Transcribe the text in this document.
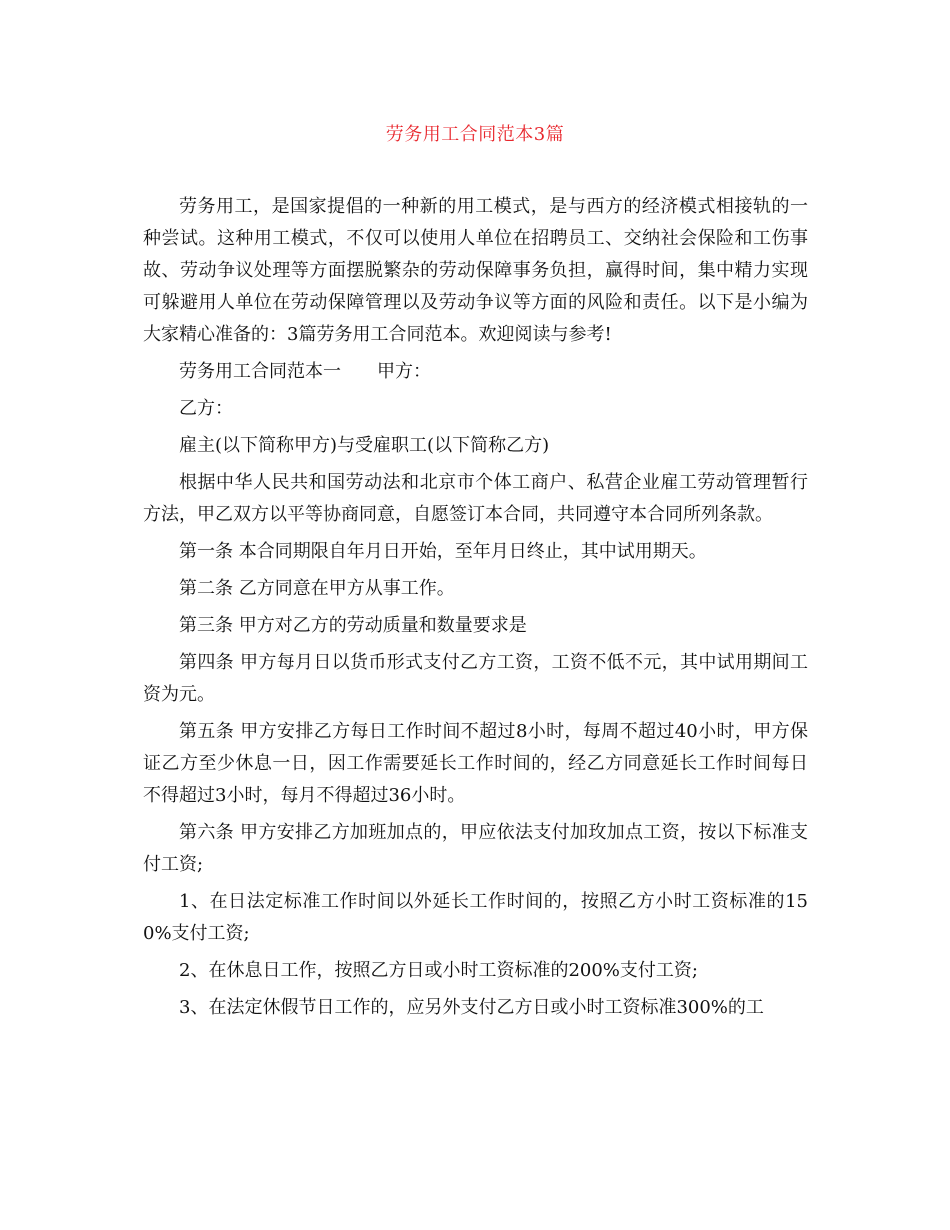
劳务用工合同范本3篇

劳务用工，是国家提倡的一种新的用工模式，是与西方的经济模式相接轨的一种尝试。这种用工模式，不仅可以使用人单位在招聘员工、交纳社会保险和工伤事故、劳动争议处理等方面摆脱繁杂的劳动保障事务负担，赢得时间，集中精力实现可躲避用人单位在劳动保障管理以及劳动争议等方面的风险和责任。以下是小编为大家精心准备的：3篇劳务用工合同范本。欢迎阅读与参考!

劳务用工合同范本一 甲方：

乙方：

雇主(以下简称甲方)与受雇职工(以下简称乙方)

根据中华人民共和国劳动法和北京市个体工商户、私营企业雇工劳动管理暂行方法，甲乙双方以平等协商同意，自愿签订本合同，共同遵守本合同所列条款。

第一条 本合同期限自年月日开始，至年月日终止，其中试用期天。

第二条 乙方同意在甲方从事工作。

第三条 甲方对乙方的劳动质量和数量要求是

第四条 甲方每月日以货币形式支付乙方工资，工资不低不元，其中试用期间工资为元。

第五条 甲方安排乙方每日工作时间不超过8小时，每周不超过40小时，甲方保证乙方至少休息一日，因工作需要延长工作时间的，经乙方同意延长工作时间每日不得超过3小时，每月不得超过36小时。

第六条 甲方安排乙方加班加点的，甲应依法支付加玫加点工资，按以下标准支付工资;

1、在日法定标准工作时间以外延长工作时间的，按照乙方小时工资标准的150%支付工资;

2、在休息日工作，按照乙方日或小时工资标准的200%支付工资;

3、在法定休假节日工作的，应另外支付乙方日或小时工资标准300%的工
